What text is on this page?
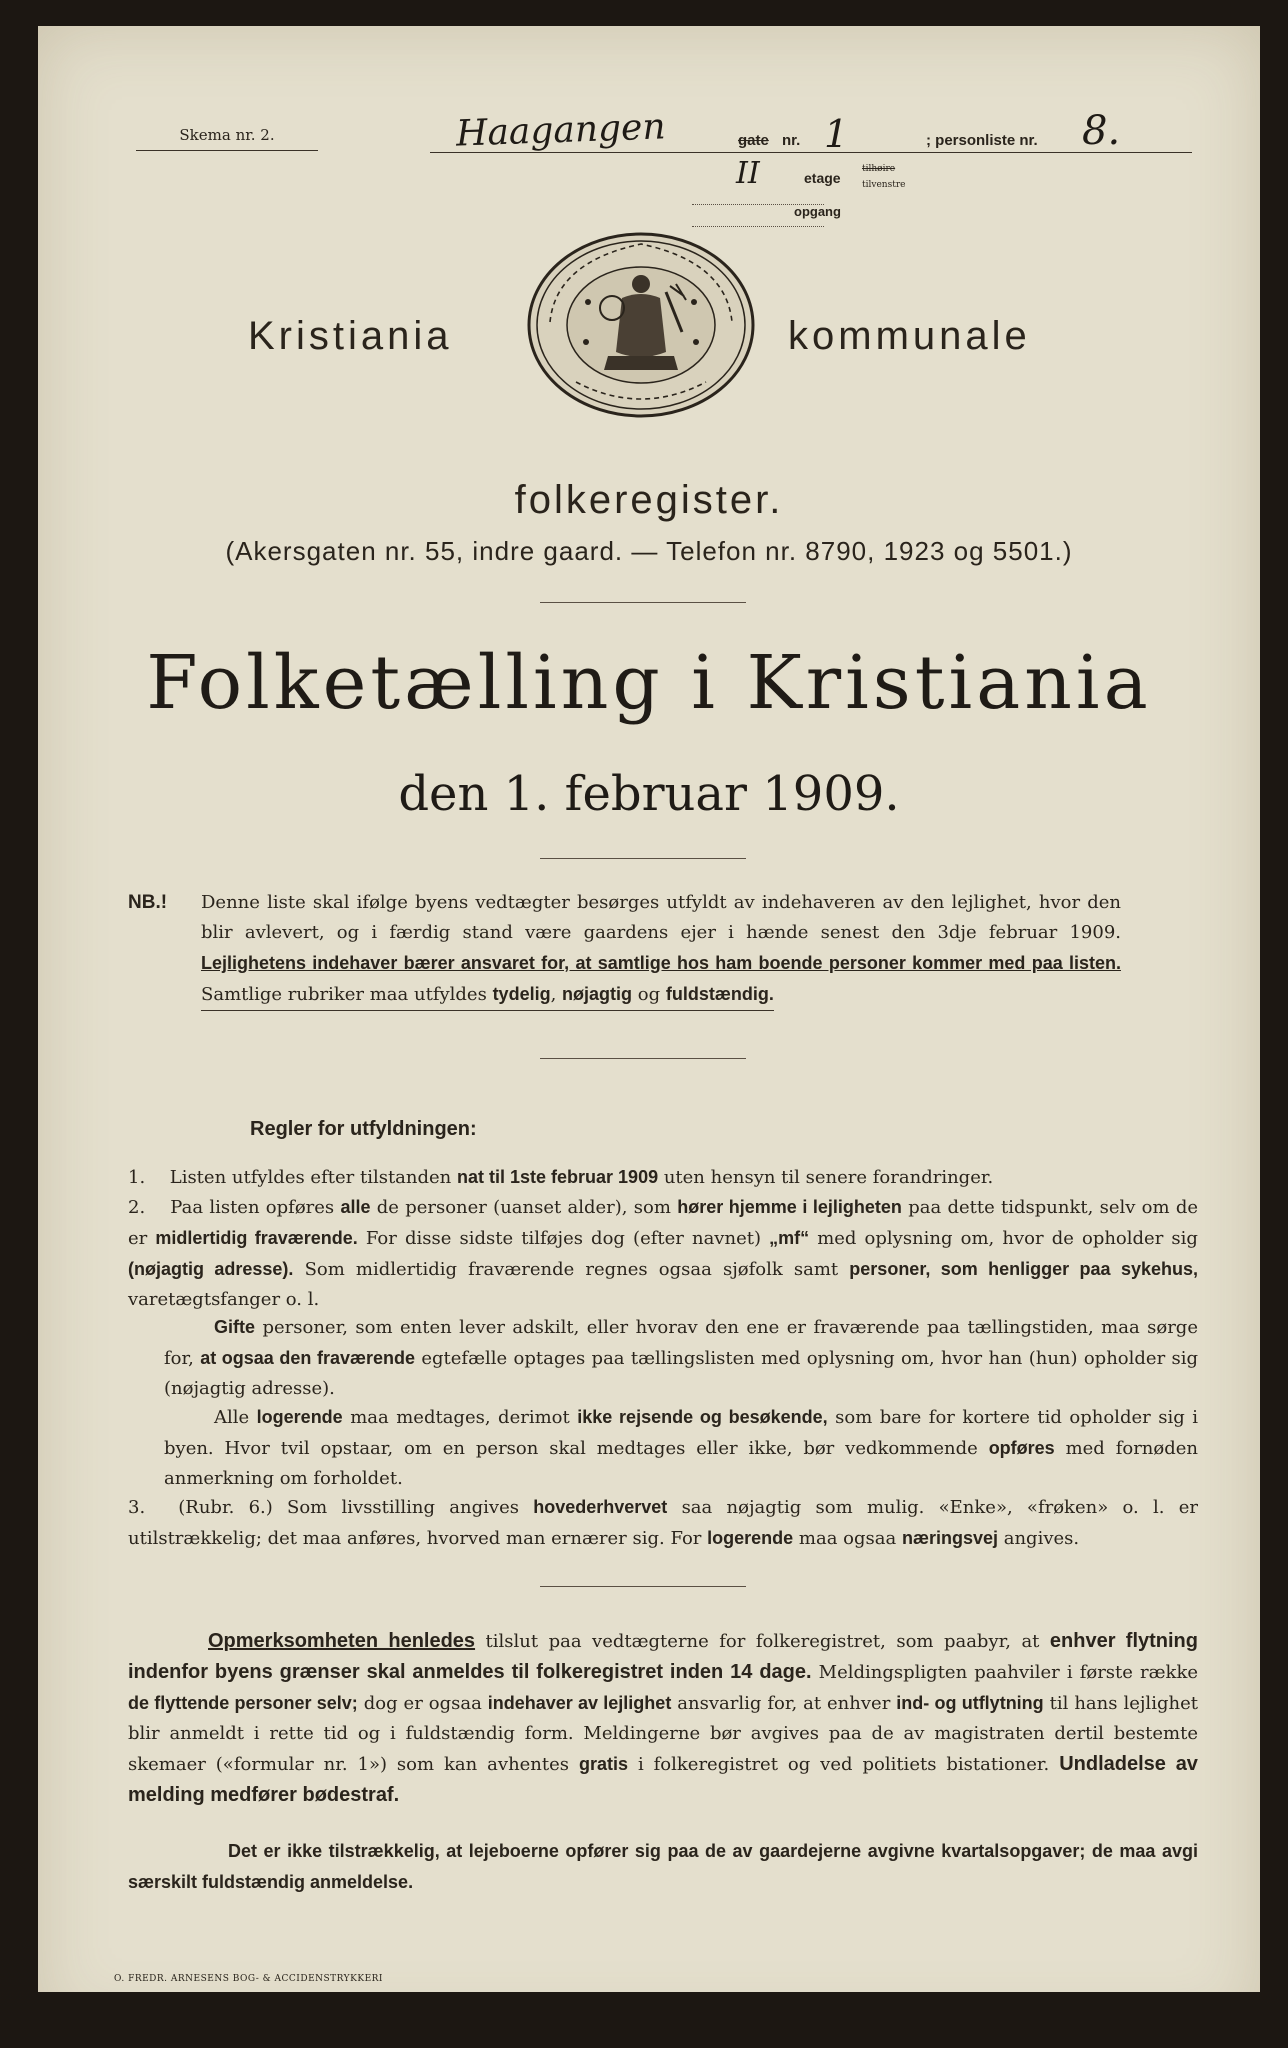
Skema nr. 2.	Haagangen	gate nr. 1	; personliste nr. 8.
II	etage
tilhøire
tilvenstre
opgang
Kristiania	kommunale
folkeregister.
(Akersgaten nr. 55, indre gaard. — Telefon nr. 8790, 1923 og 5501.)
Folketælling i Kristiania
den 1. februar 1909.
NB.! Denne liste skal ifølge byens vedtægter besørges utfyldt av indehaveren av den lejlighet, hvor den blir avlevert, og i færdig stand være gaardens ejer i hænde senest den 3dje februar 1909. Lejlighetens indehaver bærer ansvaret for, at samtlige hos ham boende personer kommer med paa listen. Samtlige rubriker maa utfyldes tydelig, nøjagtig og fuldstændig.
Regler for utfyldningen:
1. Listen utfyldes efter tilstanden nat til 1ste februar 1909 uten hensyn til senere forandringer.
2. Paa listen opføres alle de personer (uanset alder), som hører hjemme i lejligheten paa dette tidspunkt, selv om de er midlertidig fraværende. For disse sidste tilføjes dog (efter navnet) „mf“ med oplysning om, hvor de opholder sig (nøjagtig adresse). Som midlertidig fraværende regnes ogsaa sjøfolk samt personer, som henligger paa sykehus, varetægtsfanger o. l.
Gifte personer, som enten lever adskilt, eller hvorav den ene er fraværende paa tællingstiden, maa sørge for, at ogsaa den fraværende egtefælle optages paa tællingslisten med oplysning om, hvor han (hun) opholder sig (nøjagtig adresse).
Alle logerende maa medtages, derimot ikke rejsende og besøkende, som bare for kortere tid opholder sig i byen. Hvor tvil opstaar, om en person skal medtages eller ikke, bør vedkommende opføres med fornøden anmerkning om forholdet.
3. (Rubr. 6.) Som livsstilling angives hovederhvervet saa nøjagtig som mulig. «Enke», «frøken» o. l. er utilstrækkelig; det maa anføres, hvorved man ernærer sig. For logerende maa ogsaa næringsvej angives.
Opmerksomheten henledes tilslut paa vedtægterne for folkeregistret, som paabyr, at enhver flytning indenfor byens grænser skal anmeldes til folkeregistret inden 14 dage. Meldingspligten paahviler i første række de flyttende personer selv; dog er ogsaa indehaver av lejlighet ansvarlig for, at enhver ind- og utflytning til hans lejlighet blir anmeldt i rette tid og i fuldstændig form. Meldingerne bør avgives paa de av magistraten dertil bestemte skemaer («formular nr. 1») som kan avhentes gratis i folkeregistret og ved politiets bistationer. Undladelse av melding medfører bødestraf.
Det er ikke tilstrækkelig, at lejeboerne opfører sig paa de av gaardejerne avgivne kvartalsopgaver; de maa avgi særskilt fuldstændig anmeldelse.
O. FREDR. ARNESENS BOG- & ACCIDENSTRYKKERI
